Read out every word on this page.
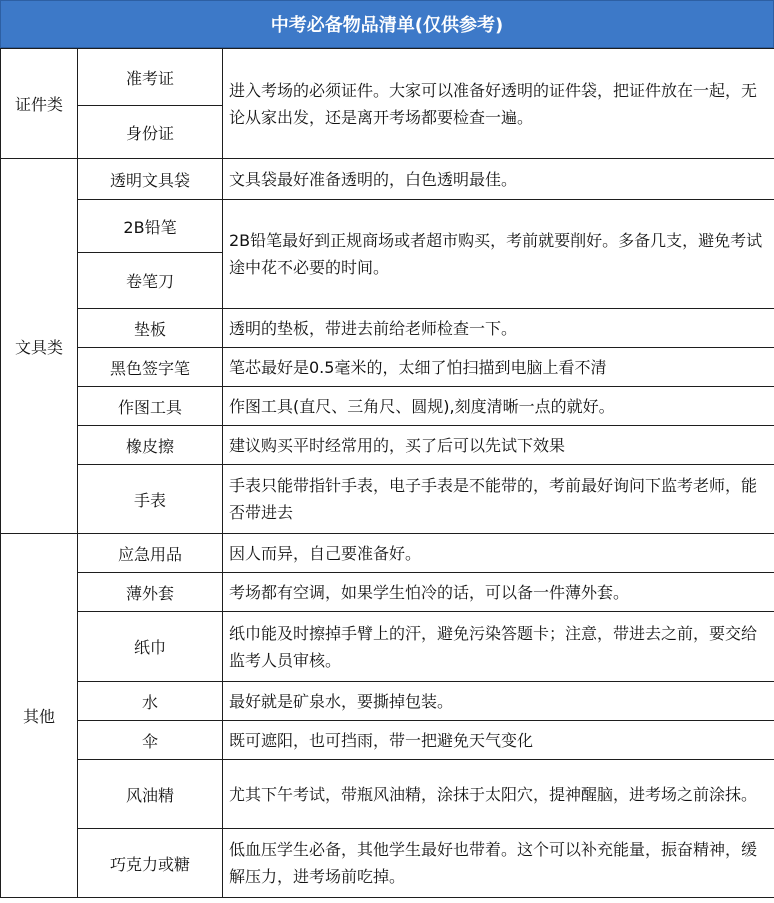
中考必备物品清单(仅供参考)
证件类	准考证	进入考场的必须证件。大家可以准备好透明的证件袋，把证件放在一起，无论从家出发，还是离开考场都要检查一遍。
	身份证	
文具类	透明文具袋	文具袋最好准备透明的，白色透明最佳。
	2B铅笔	2B铅笔最好到正规商场或者超市购买，考前就要削好。多备几支，避免考试途中花不必要的时间。
	卷笔刀	
	垫板	透明的垫板，带进去前给老师检查一下。
	黑色签字笔	笔芯最好是0.5毫米的，太细了怕扫描到电脑上看不清
	作图工具	作图工具(直尺、三角尺、圆规),刻度清晰一点的就好。
	橡皮擦	建议购买平时经常用的，买了后可以先试下效果
	手表	手表只能带指针手表，电子手表是不能带的，考前最好询问下监考老师，能否带进去
其他	应急用品	因人而异，自己要准备好。
	薄外套	考场都有空调，如果学生怕冷的话，可以备一件薄外套。
	纸巾	纸巾能及时擦掉手臂上的汗，避免污染答题卡；注意，带进去之前，要交给监考人员审核。
	水	最好就是矿泉水，要撕掉包装。
	伞	既可遮阳，也可挡雨，带一把避免天气变化
	风油精	尤其下午考试，带瓶风油精，涂抹于太阳穴，提神醒脑，进考场之前涂抹。
	巧克力或糖	低血压学生必备，其他学生最好也带着。这个可以补充能量，振奋精神，缓解压力，进考场前吃掉。
